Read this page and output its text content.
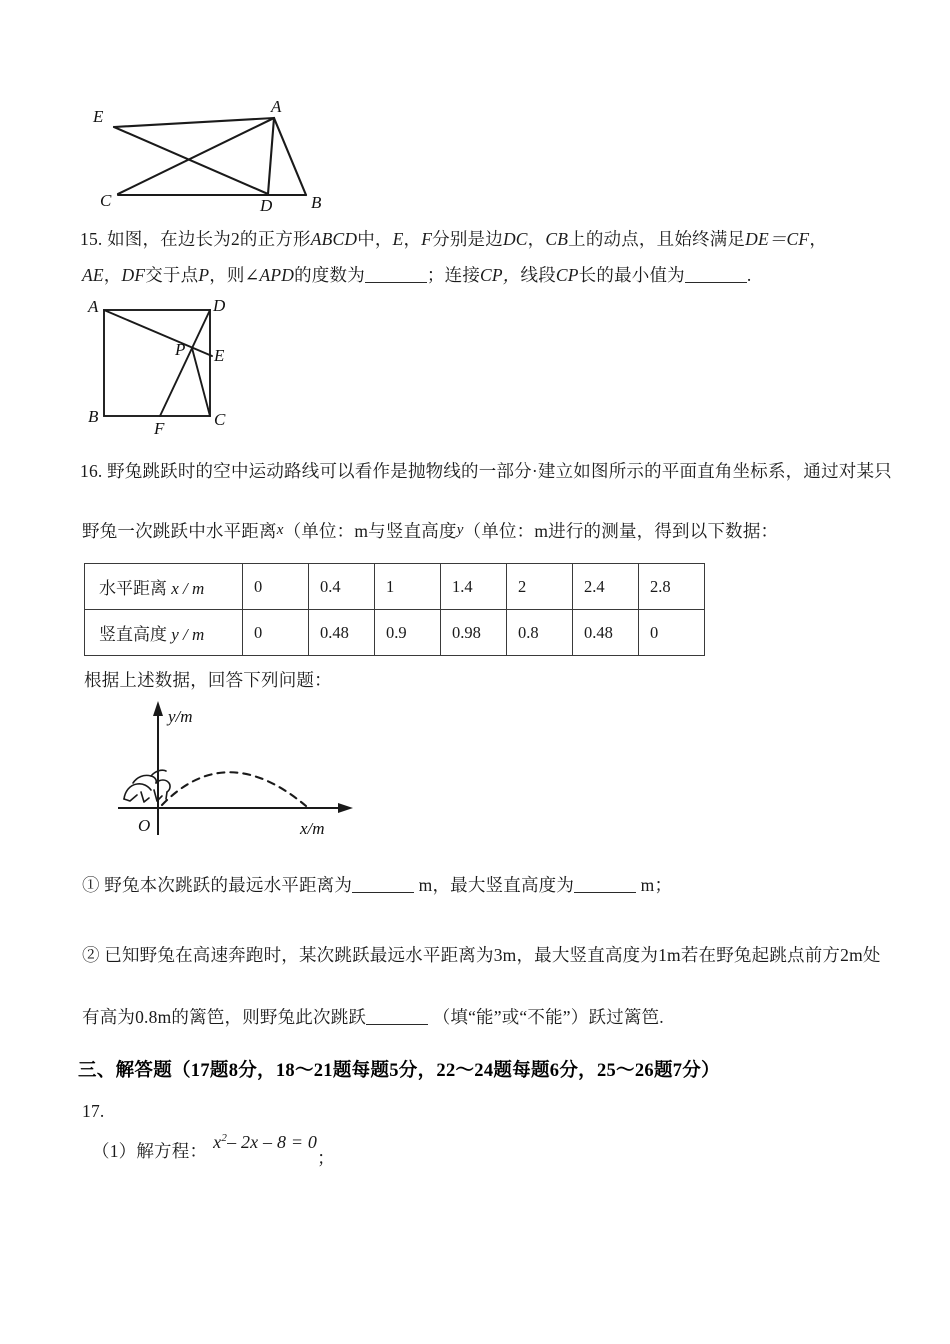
E
A
C	D B
15. 如图，在边长为2的正方形ABCD中，E，F分别是边DC，CB上的动点，且始终满足DE＝CF，
AE，DF交于点P，则∠APD的度数为	；连接CP，线段CP长的最小值为	.
A	D
P E
B
F	C
16. 野兔跳跃时的空中运动路线可以看作是抛物线的一部分·建立如图所示的平面直角坐标系，通过对某只
野兔一次跳跃中水平距离x（单位：m与竖直高度y（单位：m进行的测量，得到以下数据：
水平距离 x / m	0	0.4	1	1.4	2	2.4	2.8
竖直高度 y / m	0	0.48	0.9	0.98	0.8	0.48	0
根据上述数据，回答下列问题：
y/m
x/m
O
① 野兔本次跳跃的最远水平距离为	m，最大竖直高度为	m；
② 已知野兔在高速奔跑时，某次跳跃最远水平距离为3m，最大竖直高度为1m若在野兔起跳点前方2m处
有高为0.8m的篱笆，则野兔此次跳跃	（填“能”或“不能”）跃过篱笆.
三、解答题（17题8分，18～21题每题5分，22～24题每题6分，25～26题7分）
17.
（1）解方程： $x^2-$ 2x – 8 = 0；
